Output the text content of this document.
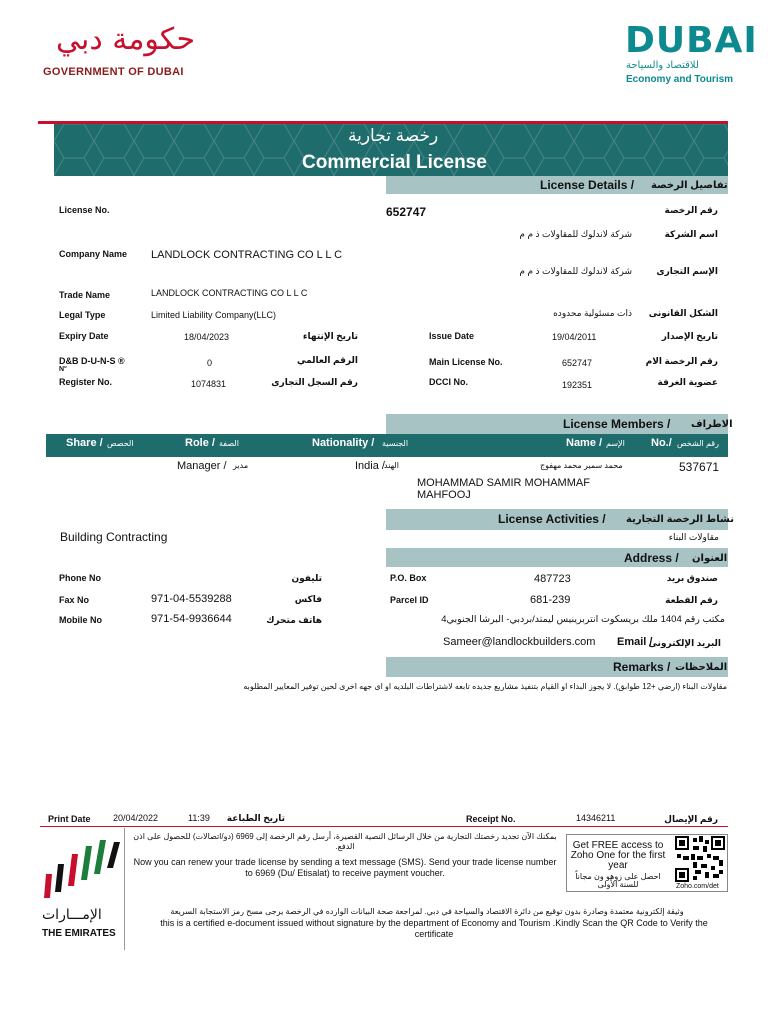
حكومة دبي
GOVERNMENT OF DUBAI
DUBAI
للاقتصاد والسياحة
Economy and Tourism
رخصة تجارية
Commercial License
License Details / تفاصيل الرخصة
License No.	652747	رقم الرخصة
شركة لاندلوك للمقاولات ذ م م	اسم الشركة
Company Name LANDLOCK CONTRACTING CO L L C
شركة لاندلوك للمقاولات ذ م م	الإسم التجارى
Trade Name	LANDLOCK CONTRACTING CO L L C
Legal Type	Limited Liability Company(LLC)	ذات مسئولية محدوده الشكل القانونى
Expiry Date	18/04/2023	تاريخ الإنتهاء	Issue Date	19/04/2011	تاريخ الإصدار
D&B D-U-N-S ®
N°
0	الرقم العالمي	Main License No.	652747	رقم الرخصة الام
Register No.	1074831	رقم السجل التجارى	DCCI No.	192351	عضوية الغرفة
License Members / الاطراف
Share / الحصص	Role / الصفة	Nationality / الجنسية	Name / الإسم No./ رقم الشخص
Manager / مدير	India / الهند	محمد سمير محمد مهفوج	537671
MOHAMMAD SAMIR MOHAMMAF
MAHFOOJ
License Activities / نشاط الرخصة التجارية
Building Contracting	مقاولات البناء
Address / العنوان
Phone No	تليفون	P.O. Box	487723	صندوق بريد
Fax No	971-04-5539288	فاكس	Parcel ID	681-239	رقم القطعة
Mobile No	971-54-9936644	هاتف متحرك	مكتب رقم 1404 ملك بريسكوت انتربرينيس ليمتد/بردبي- البرشا الجنوبي4
Sameer@landlockbuilders.com Email /
البريد الإلكترونى
Remarks / الملاحظات
مقاولات البناء (ارضي +12 طوابق). لا يجوز البداء او القيام بتنفيذ مشاريع جديده تابعه لاشتراطات البلديه او اى جهه اخرى لحين توفير المعايير المطلوبه
Print Date 20/04/2022	11:39 تاريخ الطباعة	Receipt No.	14346211	رقم الإيصال
الإمـــارات
THE EMIRATES
بمكنك الآن تجديد رخصتك التجارية من خلال الرسائل النصية القصيرة، أرسل رقم الرخصة إلى 6969 (دو/اتصالات) للحصول على اذن الدفع.
Now you can renew your trade license by sending a text message (SMS). Send your trade license number to 6969 (Du/ Etisalat) to receive payment voucher.
Get FREE access to Zoho One for the first year
احصل على زوهو ون مجاناً للسنة الأولى	Zoho.com/det
وثيقة إلكترونية معتمدة وصادرة بدون توقيع من دائرة الاقتصاد والسياحة في دبي. لمراجعة صحة البيانات الوارده في الرخصة يرجى مسح رمز الاستجابة السريعة
this is a certified e-document issued without signature by the department of Economy and Tourism .Kindly Scan the QR Code to Verify the certificate
